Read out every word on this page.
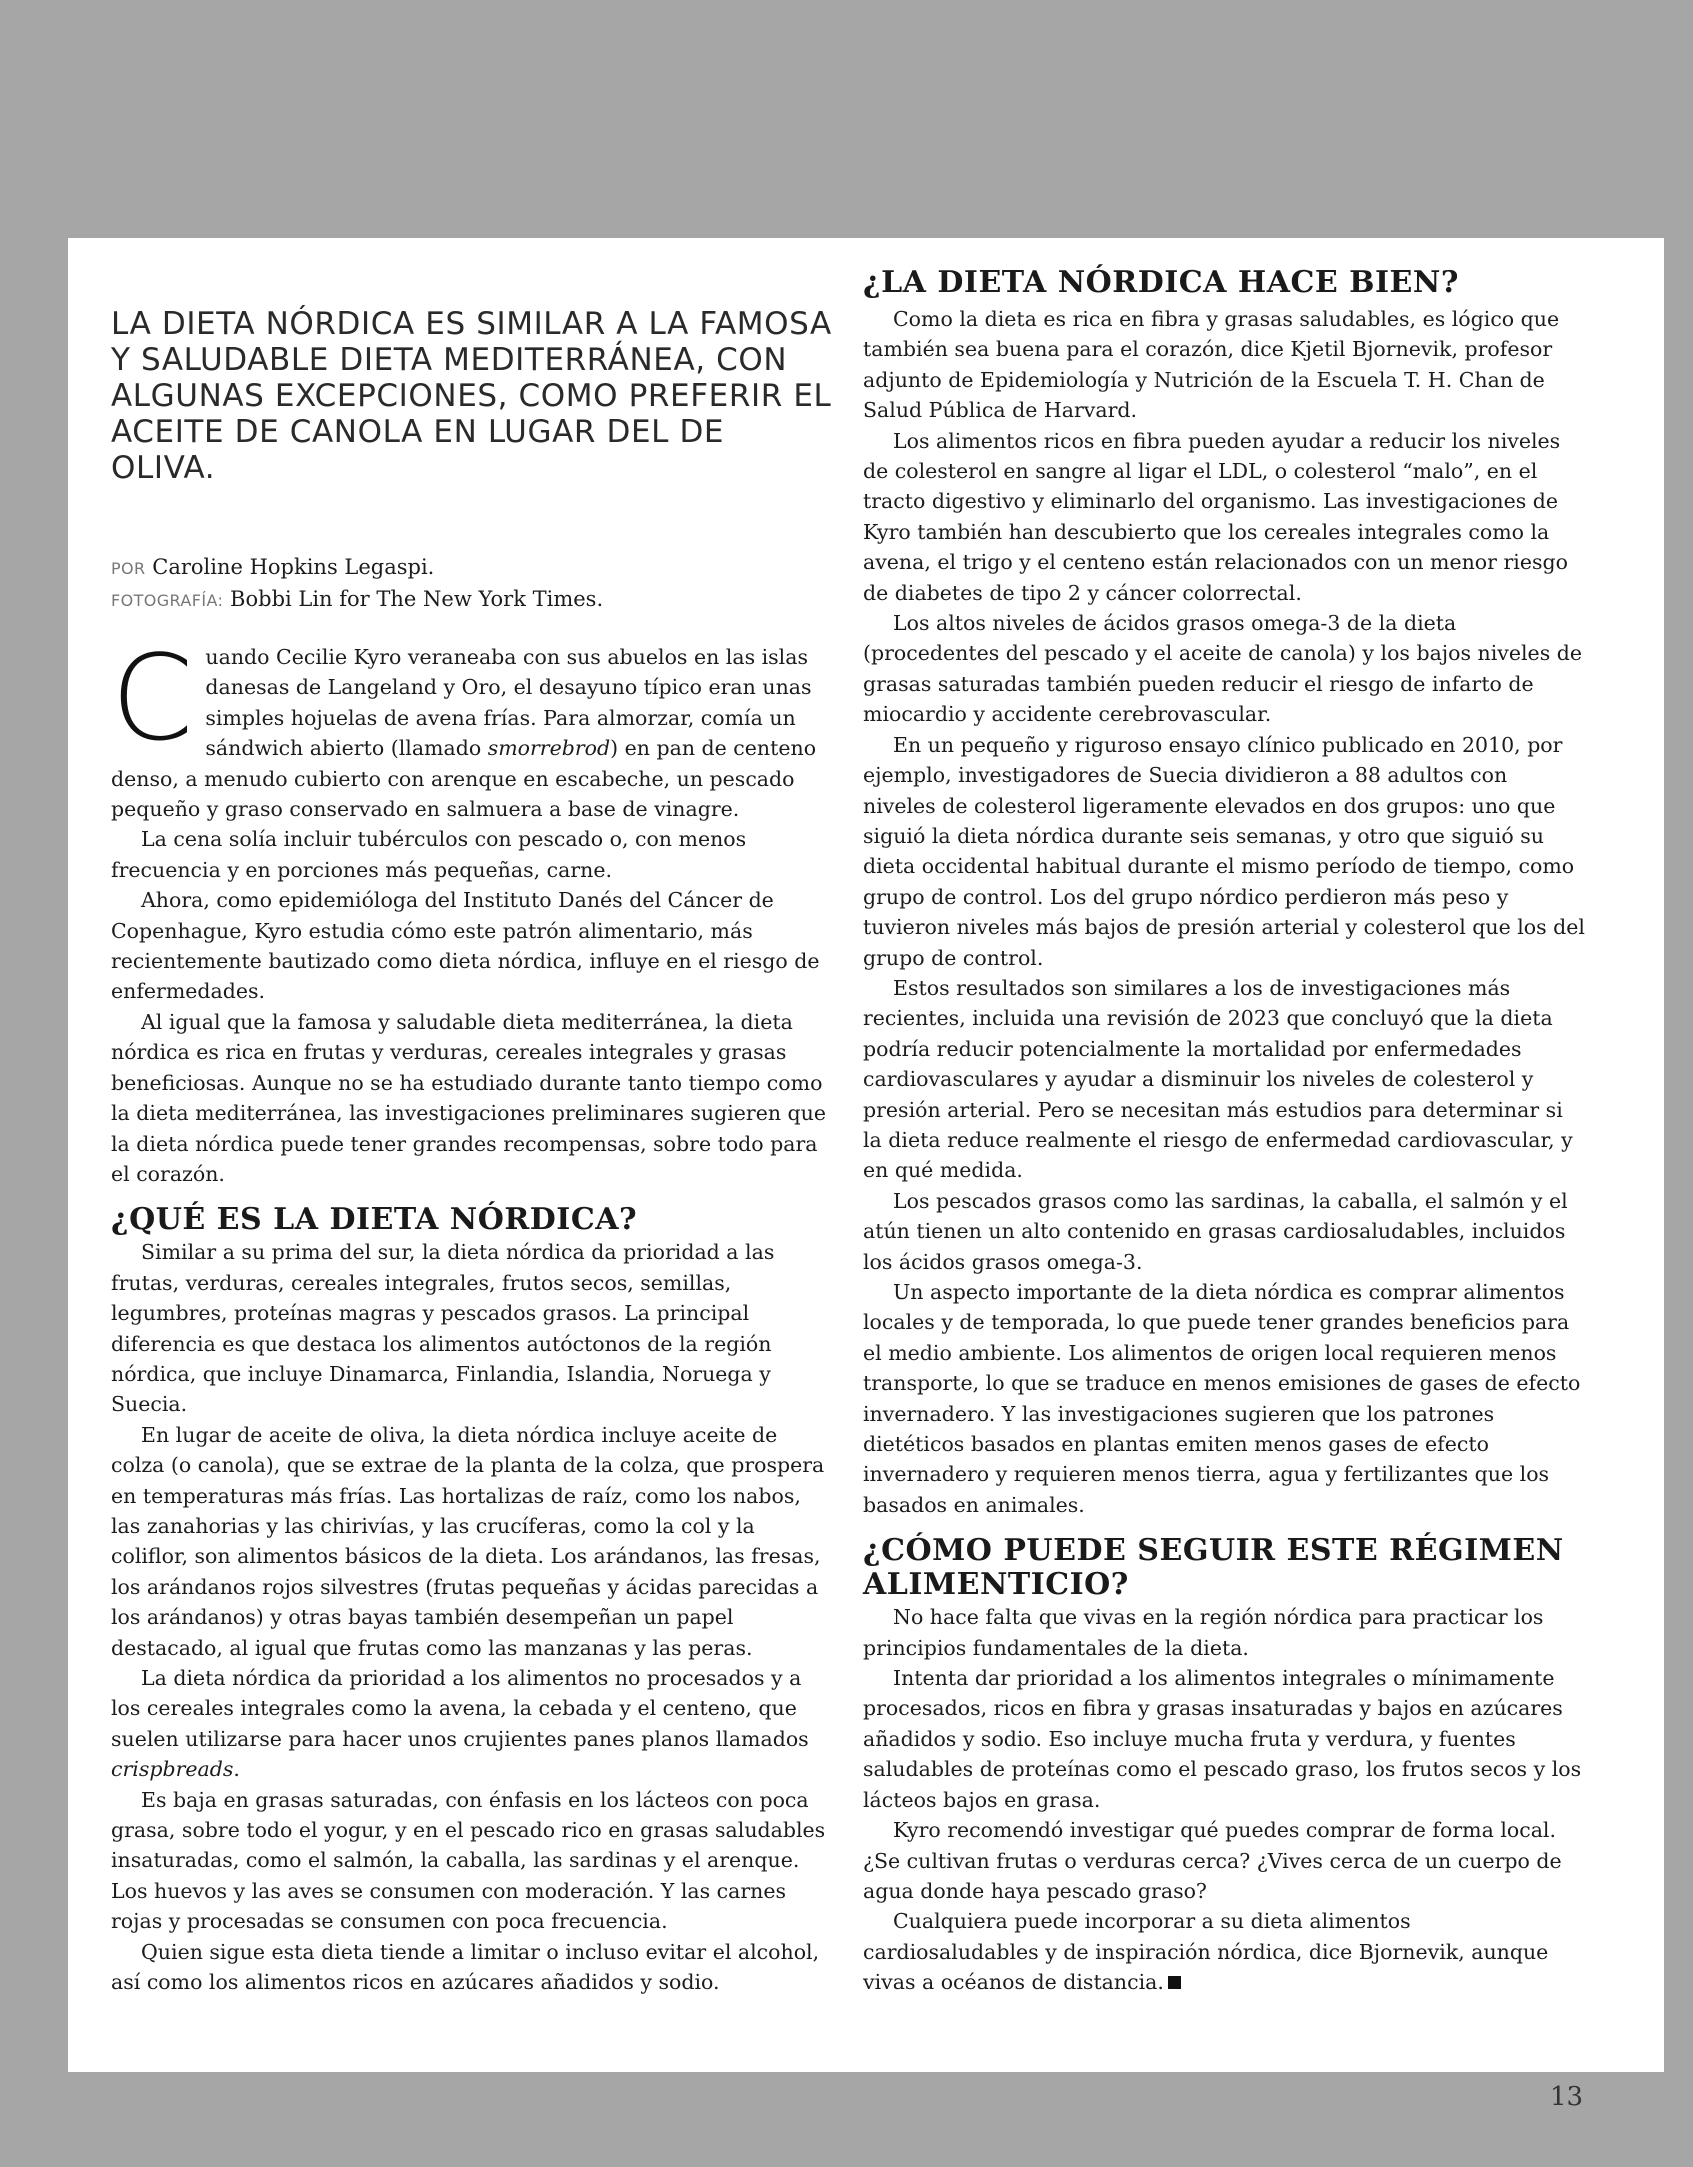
LA DIETA NÓRDICA ES SIMILAR A LA FAMOSA Y SALUDABLE DIETA MEDITERRÁNEA, CON ALGUNAS EXCEPCIONES, COMO PREFERIR EL ACEITE DE CANOLA EN LUGAR DEL DE OLIVA.
POR Caroline Hopkins Legaspi.
FOTOGRAFÍA: Bobbi Lin for The New York Times.

Cuando Cecilie Kyro veraneaba con sus abuelos en las islas danesas de Langeland y Oro, el desayuno típico eran unas simples hojuelas de avena frías. Para almorzar, comía un sándwich abierto (llamado smorrebrod) en pan de centeno denso, a menudo cubierto con arenque en escabeche, un pescado pequeño y graso conservado en salmuera a base de vinagre.

La cena solía incluir tubérculos con pescado o, con menos frecuencia y en porciones más pequeñas, carne.

Ahora, como epidemióloga del Instituto Danés del Cáncer de Copenhague, Kyro estudia cómo este patrón alimentario, más recientemente bautizado como dieta nórdica, influye en el riesgo de enfermedades.

Al igual que la famosa y saludable dieta mediterránea, la dieta nórdica es rica en frutas y verduras, cereales integrales y grasas beneficiosas. Aunque no se ha estudiado durante tanto tiempo como la dieta mediterránea, las investigaciones preliminares sugieren que la dieta nórdica puede tener grandes recompensas, sobre todo para el corazón.

¿QUÉ ES LA DIETA NÓRDICA?

Similar a su prima del sur, la dieta nórdica da prioridad a las frutas, verduras, cereales integrales, frutos secos, semillas, legumbres, proteínas magras y pescados grasos. La principal diferencia es que destaca los alimentos autóctonos de la región nórdica, que incluye Dinamarca, Finlandia, Islandia, Noruega y Suecia.

En lugar de aceite de oliva, la dieta nórdica incluye aceite de colza (o canola), que se extrae de la planta de la colza, que prospera en temperaturas más frías. Las hortalizas de raíz, como los nabos, las zanahorias y las chirivías, y las crucíferas, como la col y la coliflor, son alimentos básicos de la dieta. Los arándanos, las fresas, los arándanos rojos silvestres (frutas pequeñas y ácidas parecidas a los arándanos) y otras bayas también desempeñan un papel destacado, al igual que frutas como las manzanas y las peras.

La dieta nórdica da prioridad a los alimentos no procesados y a los cereales integrales como la avena, la cebada y el centeno, que suelen utilizarse para hacer unos crujientes panes planos llamados crispbreads.

Es baja en grasas saturadas, con énfasis en los lácteos con poca grasa, sobre todo el yogur, y en el pescado rico en grasas saludables insaturadas, como el salmón, la caballa, las sardinas y el arenque. Los huevos y las aves se consumen con moderación. Y las carnes rojas y procesadas se consumen con poca frecuencia.

Quien sigue esta dieta tiende a limitar o incluso evitar el alcohol, así como los alimentos ricos en azúcares añadidos y sodio.

¿LA DIETA NÓRDICA HACE BIEN?

Como la dieta es rica en fibra y grasas saludables, es lógico que también sea buena para el corazón, dice Kjetil Bjornevik, profesor adjunto de Epidemiología y Nutrición de la Escuela T. H. Chan de Salud Pública de Harvard.

Los alimentos ricos en fibra pueden ayudar a reducir los niveles de colesterol en sangre al ligar el LDL, o colesterol “malo”, en el tracto digestivo y eliminarlo del organismo. Las investigaciones de Kyro también han descubierto que los cereales integrales como la avena, el trigo y el centeno están relacionados con un menor riesgo de diabetes de tipo 2 y cáncer colorrectal.

Los altos niveles de ácidos grasos omega-3 de la dieta (procedentes del pescado y el aceite de canola) y los bajos niveles de grasas saturadas también pueden reducir el riesgo de infarto de miocardio y accidente cerebrovascular.

En un pequeño y riguroso ensayo clínico publicado en 2010, por ejemplo, investigadores de Suecia dividieron a 88 adultos con niveles de colesterol ligeramente elevados en dos grupos: uno que siguió la dieta nórdica durante seis semanas, y otro que siguió su dieta occidental habitual durante el mismo período de tiempo, como grupo de control. Los del grupo nórdico perdieron más peso y tuvieron niveles más bajos de presión arterial y colesterol que los del grupo de control.

Estos resultados son similares a los de investigaciones más recientes, incluida una revisión de 2023 que concluyó que la dieta podría reducir potencialmente la mortalidad por enfermedades cardiovasculares y ayudar a disminuir los niveles de colesterol y presión arterial. Pero se necesitan más estudios para determinar si la dieta reduce realmente el riesgo de enfermedad cardiovascular, y en qué medida.

Los pescados grasos como las sardinas, la caballa, el salmón y el atún tienen un alto contenido en grasas cardiosaludables, incluidos los ácidos grasos omega-3.

Un aspecto importante de la dieta nórdica es comprar alimentos locales y de temporada, lo que puede tener grandes beneficios para el medio ambiente. Los alimentos de origen local requieren menos transporte, lo que se traduce en menos emisiones de gases de efecto invernadero. Y las investigaciones sugieren que los patrones dietéticos basados en plantas emiten menos gases de efecto invernadero y requieren menos tierra, agua y fertilizantes que los basados en animales.

¿CÓMO PUEDE SEGUIR ESTE RÉGIMEN ALIMENTICIO?

No hace falta que vivas en la región nórdica para practicar los principios fundamentales de la dieta.

Intenta dar prioridad a los alimentos integrales o mínimamente procesados, ricos en fibra y grasas insaturadas y bajos en azúcares añadidos y sodio. Eso incluye mucha fruta y verdura, y fuentes saludables de proteínas como el pescado graso, los frutos secos y los lácteos bajos en grasa.

Kyro recomendó investigar qué puedes comprar de forma local. ¿Se cultivan frutas o verduras cerca? ¿Vives cerca de un cuerpo de agua donde haya pescado graso?

Cualquiera puede incorporar a su dieta alimentos cardiosaludables y de inspiración nórdica, dice Bjornevik, aunque vivas a océanos de distancia.

13
